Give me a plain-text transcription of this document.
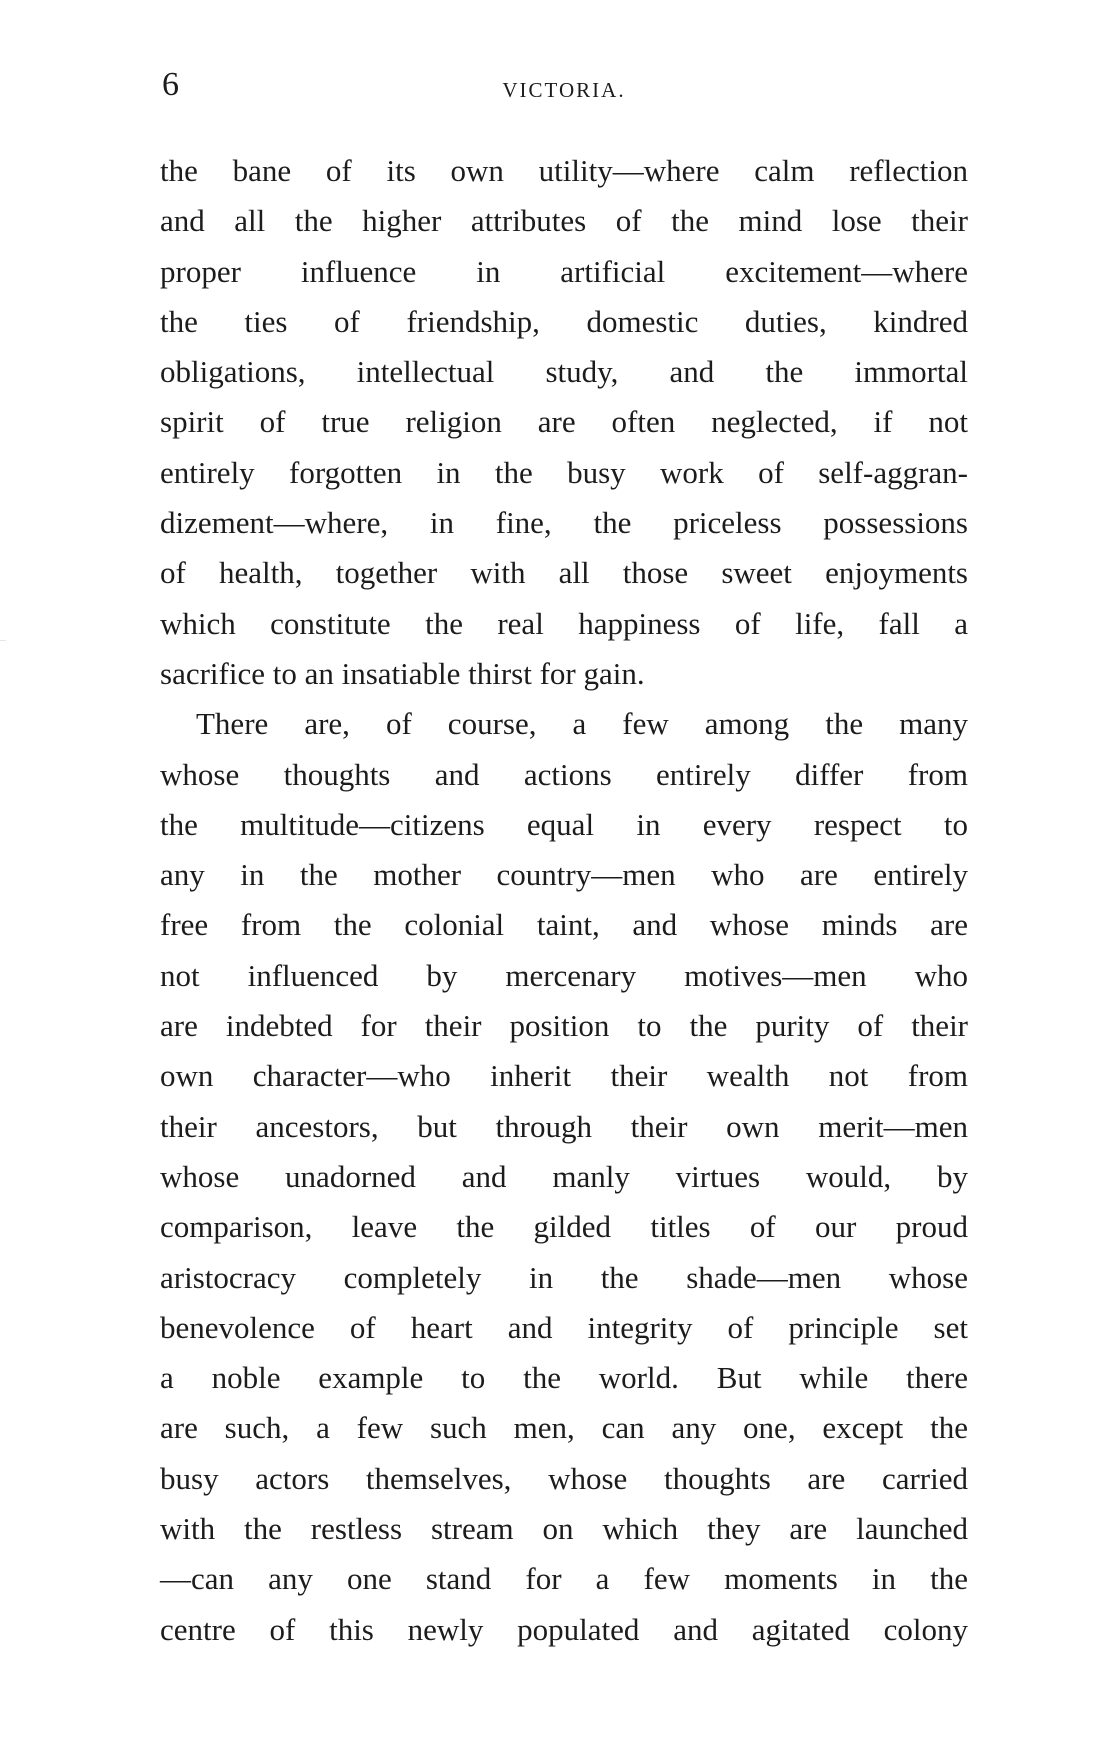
6	VICTORIA.
the bane of its own utility—where calm reflection
and all the higher attributes of the mind lose their
proper influence in artificial excitement—where
the ties of friendship, domestic duties, kindred
obligations, intellectual study, and the immortal
spirit of true religion are often neglected, if not
entirely forgotten in the busy work of self-aggran-
dizement—where, in fine, the priceless possessions
of health, together with all those sweet enjoyments
which constitute the real happiness of life, fall a
sacrifice to an insatiable thirst for gain.
There are, of course, a few among the many
whose thoughts and actions entirely differ from
the multitude—citizens equal in every respect to
any in the mother country—men who are entirely
free from the colonial taint, and whose minds are
not influenced by mercenary motives—men who
are indebted for their position to the purity of their
own character—who inherit their wealth not from
their ancestors, but through their own merit—men
whose unadorned and manly virtues would, by
comparison, leave the gilded titles of our proud
aristocracy completely in the shade—men whose
benevolence of heart and integrity of principle set
a noble example to the world. But while there
are such, a few such men, can any one, except the
busy actors themselves, whose thoughts are carried
with the restless stream on which they are launched
—can any one stand for a few moments in the
centre of this newly populated and agitated colony
